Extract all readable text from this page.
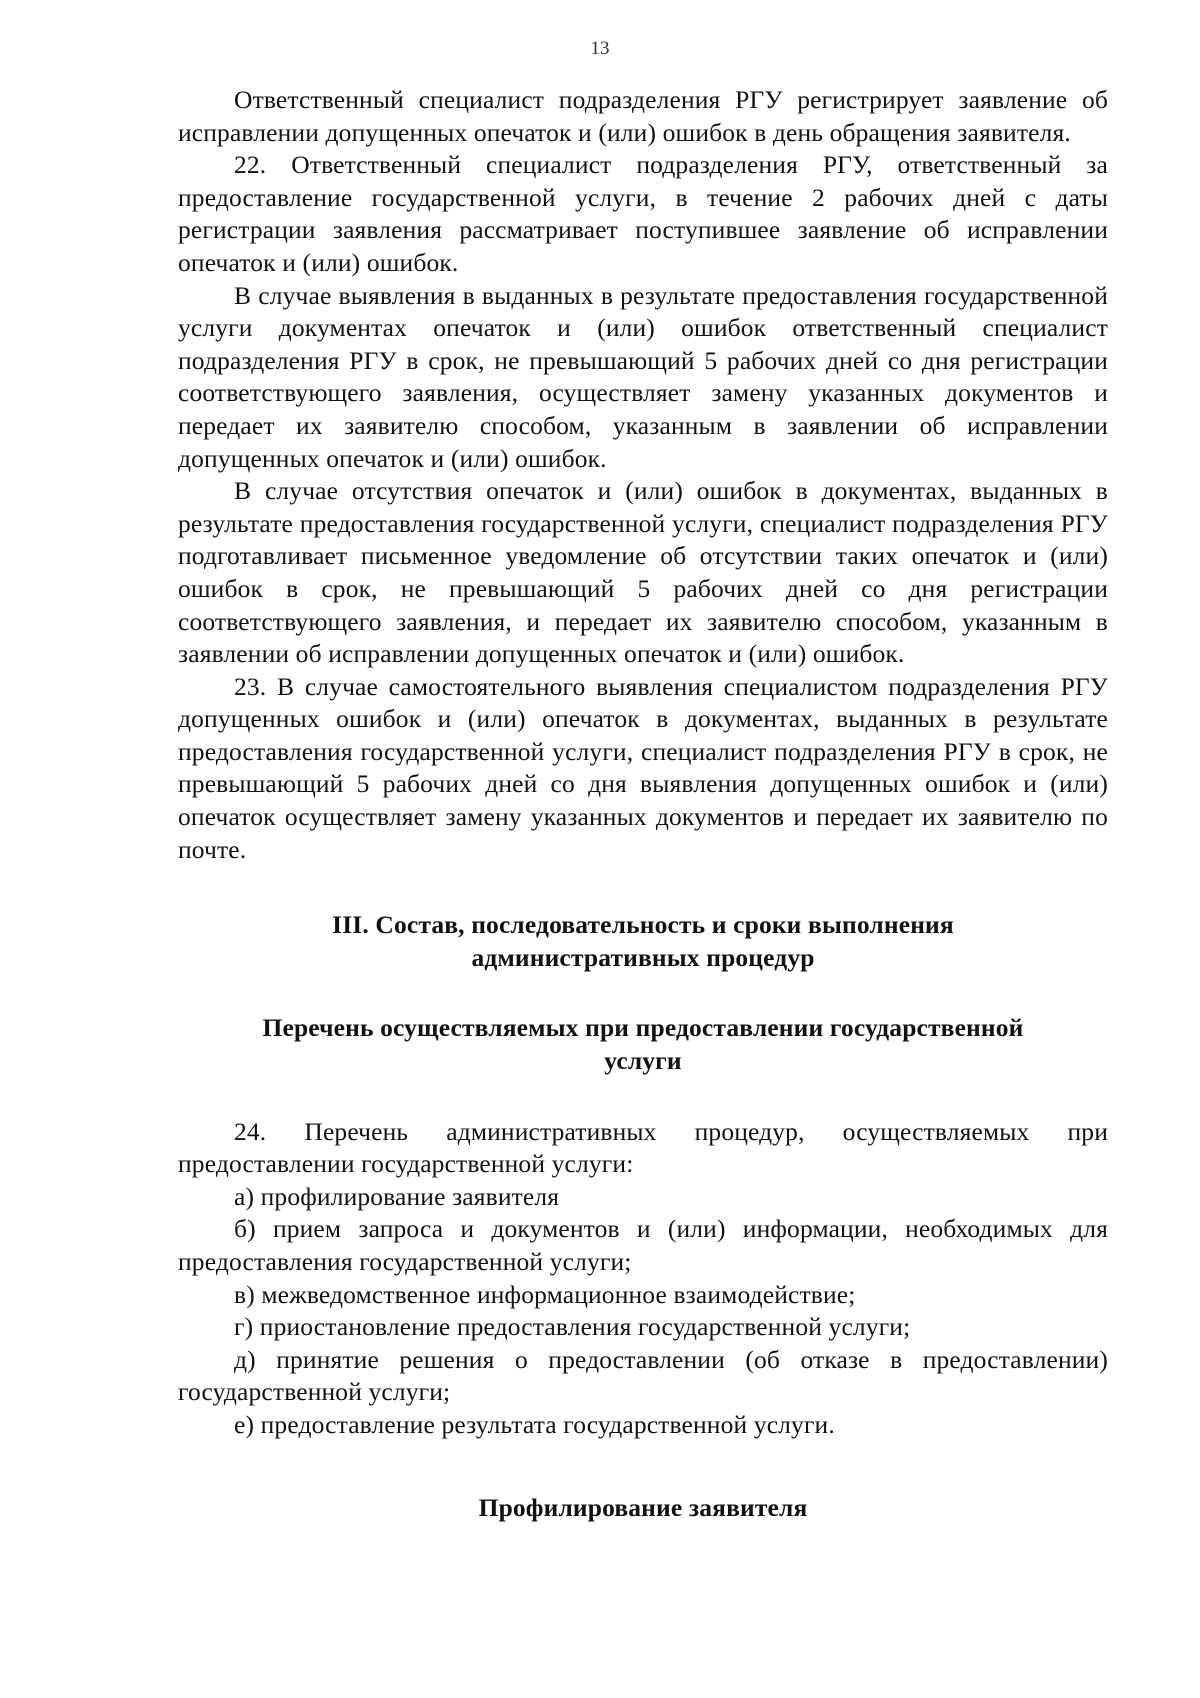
13

Ответственный специалист подразделения РГУ регистрирует заявление об исправлении допущенных опечаток и (или) ошибок в день обращения заявителя.

22. Ответственный специалист подразделения РГУ, ответственный за предоставление государственной услуги, в течение 2 рабочих дней с даты регистрации заявления рассматривает поступившее заявление об исправлении опечаток и (или) ошибок.

В случае выявления в выданных в результате предоставления государственной услуги документах опечаток и (или) ошибок ответственный специалист подразделения РГУ в срок, не превышающий 5 рабочих дней со дня регистрации соответствующего заявления, осуществляет замену указанных документов и передает их заявителю способом, указанным в заявлении об исправлении допущенных опечаток и (или) ошибок.

В случае отсутствия опечаток и (или) ошибок в документах, выданных в результате предоставления государственной услуги, специалист подразделения РГУ подготавливает письменное уведомление об отсутствии таких опечаток и (или) ошибок в срок, не превышающий 5 рабочих дней со дня регистрации соответствующего заявления, и передает их заявителю способом, указанным в заявлении об исправлении допущенных опечаток и (или) ошибок.

23. В случае самостоятельного выявления специалистом подразделения РГУ допущенных ошибок и (или) опечаток в документах, выданных в результате предоставления государственной услуги, специалист подразделения РГУ в срок, не превышающий 5 рабочих дней со дня выявления допущенных ошибок и (или) опечаток осуществляет замену указанных документов и передает их заявителю по почте.

III. Состав, последовательность и сроки выполнения административных процедур
Перечень осуществляемых при предоставлении государственной услуги

24. Перечень административных процедур, осуществляемых при предоставлении государственной услуги:

а) профилирование заявителя

б) прием запроса и документов и (или) информации, необходимых для предоставления государственной услуги;

в) межведомственное информационное взаимодействие;

г) приостановление предоставления государственной услуги;

д) принятие решения о предоставлении (об отказе в предоставлении) государственной услуги;

е) предоставление результата государственной услуги.

Профилирование заявителя
